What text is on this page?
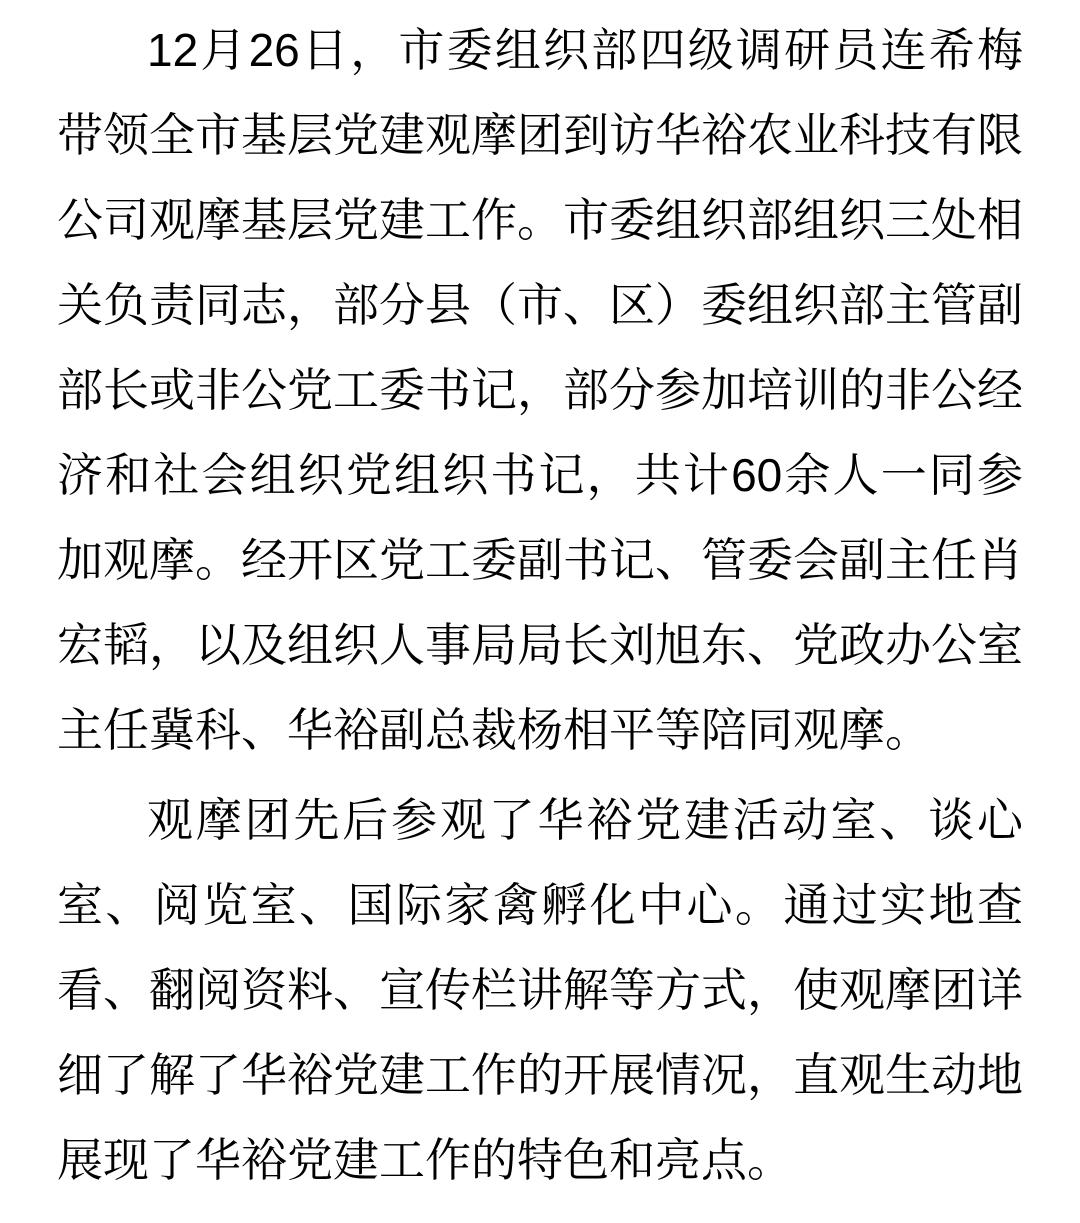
12月26日，市委组织部四级调研员连希梅
带领全市基层党建观摩团到访华裕农业科技有限
公司观摩基层党建工作。市委组织部组织三处相
关负责同志，部分县（市、区）委组织部主管副
部长或非公党工委书记，部分参加培训的非公经
济和社会组织党组织书记，共计60余人一同参
加观摩。经开区党工委副书记、管委会副主任肖
宏韬，以及组织人事局局长刘旭东、党政办公室
主任冀科、华裕副总裁杨相平等陪同观摩。
观摩团先后参观了华裕党建活动室、谈心
室、阅览室、国际家禽孵化中心。通过实地查
看、翻阅资料、宣传栏讲解等方式，使观摩团详
细了解了华裕党建工作的开展情况，直观生动地
展现了华裕党建工作的特色和亮点。
